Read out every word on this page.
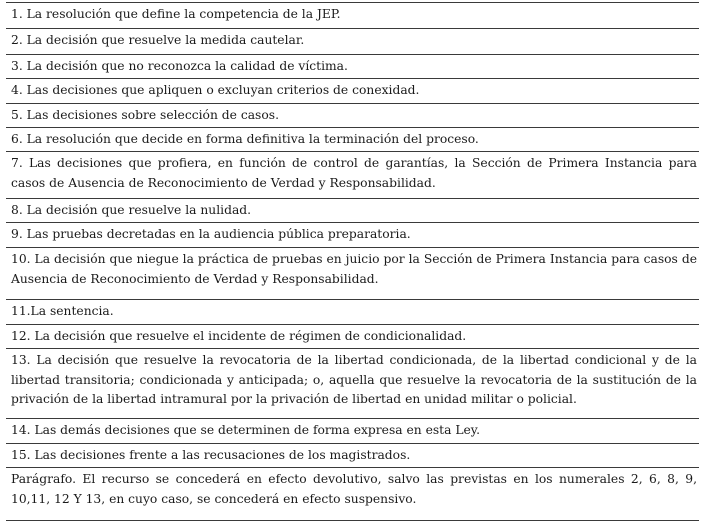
1. La resolución que define la competencia de la JEP.
2. La decisión que resuelve la medida cautelar.
3. La decisión que no reconozca la calidad de víctima.
4. Las decisiones que apliquen o excluyan criterios de conexidad.
5. Las decisiones sobre selección de casos.
6. La resolución que decide en forma definitiva la terminación del proceso.
7. Las decisiones que profiera, en función de control de garantías, la Sección de Primera Instancia para casos de Ausencia de Reconocimiento de Verdad y Responsabilidad.
8. La decisión que resuelve la nulidad.
9. Las pruebas decretadas en la audiencia pública preparatoria.
10. La decisión que niegue la práctica de pruebas en juicio por la Sección de Primera Instancia para casos de Ausencia de Reconocimiento de Verdad y Responsabilidad.
11.La sentencia.
12. La decisión que resuelve el incidente de régimen de condicionalidad.
13. La decisión que resuelve la revocatoria de la libertad condicionada, de la libertad condicional y de la libertad transitoria; condicionada y anticipada; o, aquella que resuelve la revocatoria de la sustitución de la privación de la libertad intramural por la privación de libertad en unidad militar o policial.
14. Las demás decisiones que se determinen de forma expresa en esta Ley.
15. Las decisiones frente a las recusaciones de los magistrados.
Parágrafo. El recurso se concederá en efecto devolutivo, salvo las previstas en los numerales 2, 6, 8, 9, 10,11, 12 Y 13, en cuyo caso, se concederá en efecto suspensivo.
